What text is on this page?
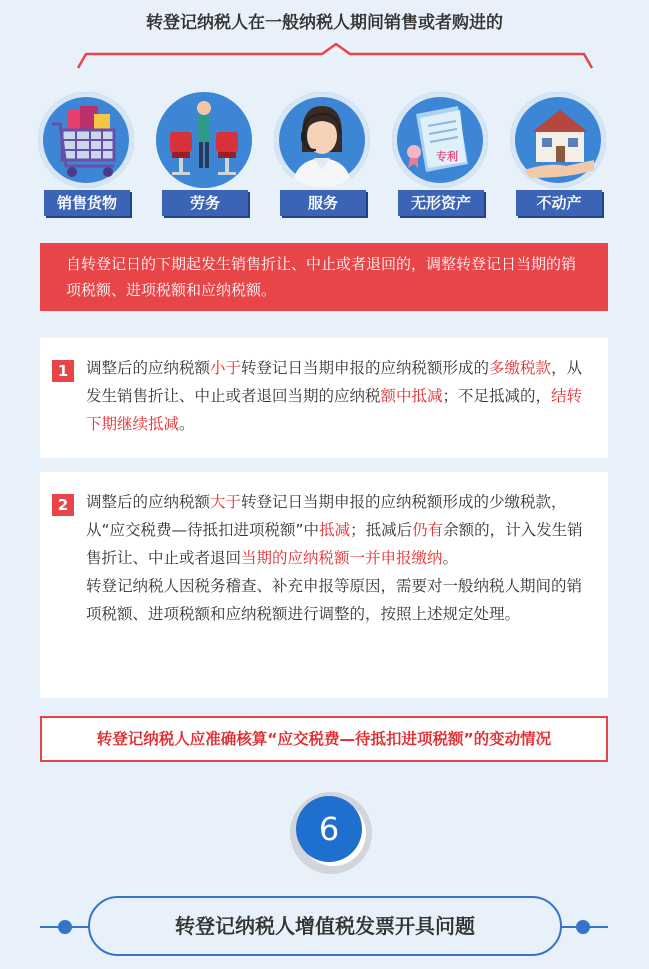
转登记纳税人在一般纳税人期间销售或者购进的
销售货物	劳务	服务
专利
无形资产	不动产
自转登记日的下期起发生销售折让、中止或者退回的，调整转登记日当期的销项税额、进项税额和应纳税额。
1	调整后的应纳税额小于转登记日当期申报的应纳税额形成的多缴税款，从发生销售折让、中止或者退回当期的应纳税额中抵减；不足抵减的，结转下期继续抵减。

2	调整后的应纳税额大于转登记日当期申报的应纳税额形成的少缴税款，从“应交税费—待抵扣进项税额”中抵减；抵减后仍有余额的，计入发生销售折让、中止或者退回当期的应纳税额一并申报缴纳。

转登记纳税人因税务稽查、补充申报等原因，需要对一般纳税人期间的销项税额、进项税额和应纳税额进行调整的，按照上述规定处理。

转登记纳税人应准确核算“应交税费—待抵扣进项税额”的变动情况
6
转登记纳税人增值税发票开具问题
